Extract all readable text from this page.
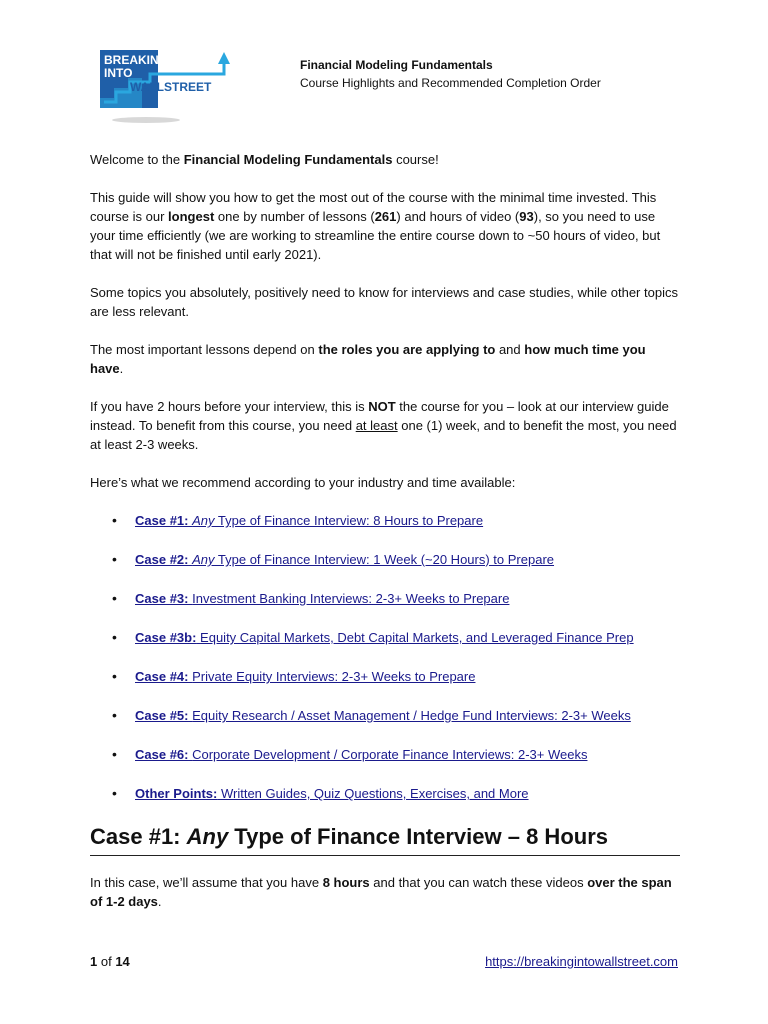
BREAKING
INTO
WALLSTREET
Financial Modeling Fundamentals
Course Highlights and Recommended Completion Order

Welcome to the Financial Modeling Fundamentals course!

This guide will show you how to get the most out of the course with the minimal time invested. This course is our longest one by number of lessons (261) and hours of video (93), so you need to use your time efficiently (we are working to streamline the entire course down to ~50 hours of video, but that will not be finished until early 2021).

Some topics you absolutely, positively need to know for interviews and case studies, while other topics are less relevant.

The most important lessons depend on the roles you are applying to and how much time you have.

If you have 2 hours before your interview, this is NOT the course for you – look at our interview guide instead. To benefit from this course, you need at least one (1) week, and to benefit the most, you need at least 2-3 weeks.

Here’s what we recommend according to your industry and time available:

• Case #1: Any Type of Finance Interview: 8 Hours to Prepare
• Case #2: Any Type of Finance Interview: 1 Week (~20 Hours) to Prepare
• Case #3: Investment Banking Interviews: 2-3+ Weeks to Prepare
• Case #3b: Equity Capital Markets, Debt Capital Markets, and Leveraged Finance Prep
• Case #4: Private Equity Interviews: 2-3+ Weeks to Prepare
• Case #5: Equity Research / Asset Management / Hedge Fund Interviews: 2-3+ Weeks
• Case #6: Corporate Development / Corporate Finance Interviews: 2-3+ Weeks
• Other Points: Written Guides, Quiz Questions, Exercises, and More
Case #1: Any Type of Finance Interview – 8 Hours
In this case, we’ll assume that you have 8 hours and that you can watch these videos over the span of 1-2 days.
1 of 14	https://breakingintowallstreet.com
